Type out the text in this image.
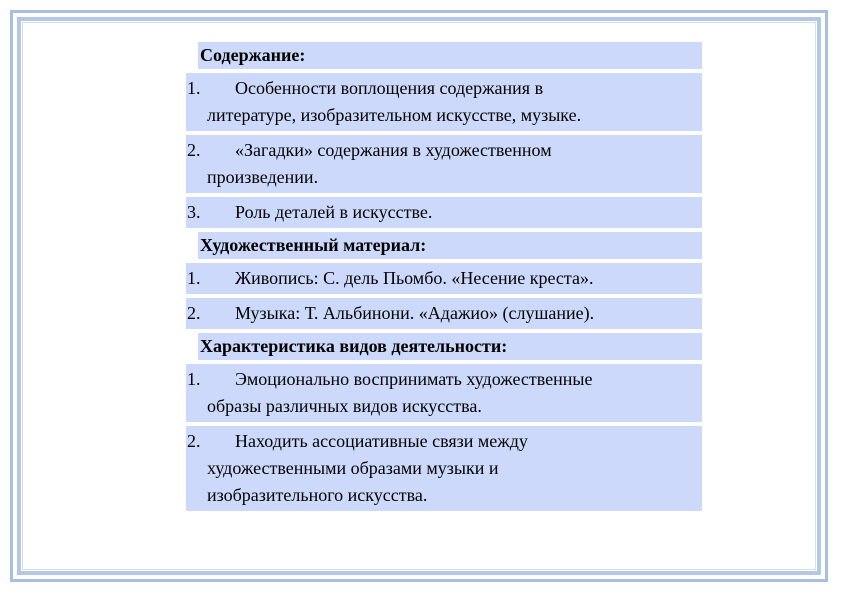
Содержание:
1.	Особенности воплощения содержания в
литературе, изобразительном искусстве, музыке.
2.	«Загадки» содержания в художественном
произведении.
3.	Роль деталей в искусстве.
Художественный материал:
1.	Живопись: С. дель Пьомбо. «Несение креста».
2.	Музыка: Т. Альбинони. «Адажио» (слушание).
Характеристика видов деятельности:
1.	Эмоционально воспринимать художественные
образы различных видов искусства.
2.	Находить ассоциативные связи между
художественными образами музыки и
изобразительного искусства.
